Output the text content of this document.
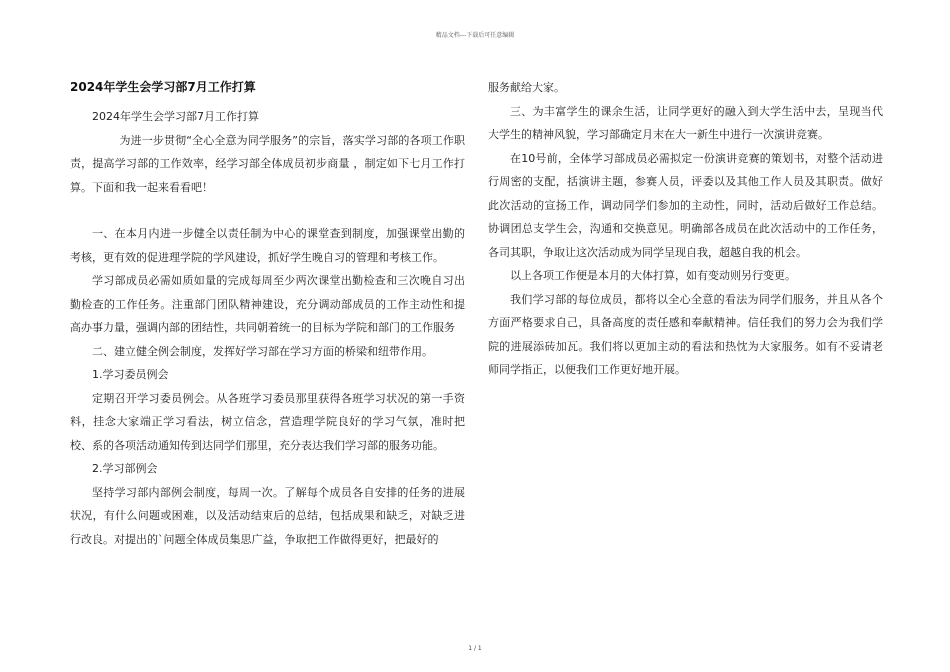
精品文档---下载后可任意编辑
2024年学生会学习部7月工作打算

2024年学生会学习部7月工作打算

为进一步贯彻“全心全意为同学服务”的宗旨，落实学习部的各项工作职责，提高学习部的工作效率，经学习部全体成员初步商量 ，制定如下七月工作打算。下面和我一起来看看吧！

一、在本月内进一步健全以责任制为中心的课堂查到制度，加强课堂出勤的考核，更有效的促进理学院的学风建设，抓好学生晚自习的管理和考核工作。

学习部成员必需如质如量的完成每周至少两次课堂出勤检查和三次晚自习出勤检查的工作任务。注重部门团队精神建设，充分调动部成员的工作主动性和提高办事力量，强调内部的团结性，共同朝着统一的目标为学院和部门的工作服务

二、建立健全例会制度，发挥好学习部在学习方面的桥梁和纽带作用。

1.学习委员例会

定期召开学习委员例会。从各班学习委员那里获得各班学习状况的第一手资料，挂念大家端正学习看法，树立信念，营造理学院良好的学习气氛，准时把校、系的各项活动通知传到达同学们那里，充分表达我们学习部的服务功能。

2.学习部例会

坚持学习部内部例会制度，每周一次。了解每个成员各自安排的任务的进展状况，有什么问题或困难，以及活动结束后的总结，包括成果和缺乏，对缺乏进行改良。对提出的`问题全体成员集思广益，争取把工作做得更好，把最好的

服务献给大家。

三、为丰富学生的课余生活，让同学更好的融入到大学生活中去，呈现当代大学生的精神风貌，学习部确定月末在大一新生中进行一次演讲竞赛。

在10号前，全体学习部成员必需拟定一份演讲竞赛的策划书，对整个活动进行周密的支配，括演讲主题，参赛人员，评委以及其他工作人员及其职责。做好此次活动的宣扬工作，调动同学们参加的主动性，同时，活动后做好工作总结。协调团总支学生会，沟通和交换意见。明确部各成员在此次活动中的工作任务，各司其职，争取让这次活动成为同学呈现自我，超越自我的机会。

以上各项工作便是本月的大体打算，如有变动则另行变更。

我们学习部的每位成员，都将以全心全意的看法为同学们服务，并且从各个方面严格要求自己，具备高度的责任感和奉献精神。信任我们的努力会为我们学院的进展添砖加瓦。我们将以更加主动的看法和热忱为大家服务。如有不妥请老师同学指正，以便我们工作更好地开展。

1 / 1
